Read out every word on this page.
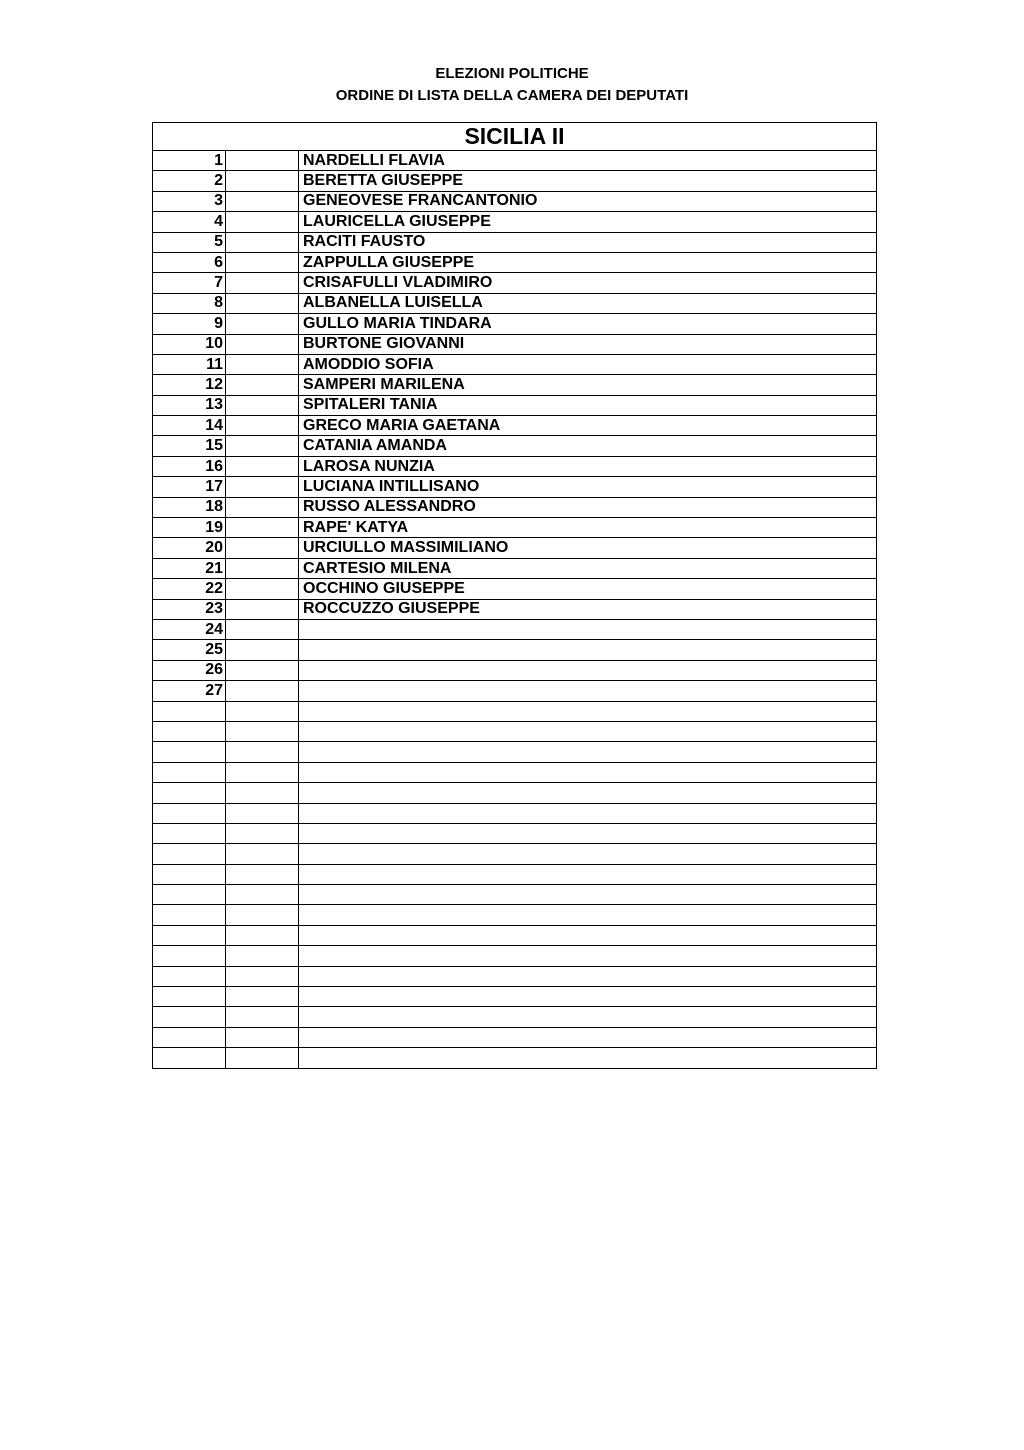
ELEZIONI POLITICHE
ORDINE DI LISTA DELLA CAMERA DEI DEPUTATI
SICILIA II		
1		NARDELLI FLAVIA
2		BERETTA GIUSEPPE
3		GENEOVESE FRANCANTONIO
4		LAURICELLA GIUSEPPE
5		RACITI FAUSTO
6		ZAPPULLA GIUSEPPE
7		CRISAFULLI VLADIMIRO
8		ALBANELLA LUISELLA
9		GULLO MARIA TINDARA
10		BURTONE GIOVANNI
11		AMODDIO SOFIA
12		SAMPERI MARILENA
13		SPITALERI TANIA
14		GRECO MARIA GAETANA
15		CATANIA AMANDA
16		LAROSA NUNZIA
17		LUCIANA INTILLISANO
18		RUSSO ALESSANDRO
19		RAPE' KATYA
20		URCIULLO MASSIMILIANO
21		CARTESIO MILENA
22		OCCHINO GIUSEPPE
23		ROCCUZZO GIUSEPPE
24		
25		
26		
27		
